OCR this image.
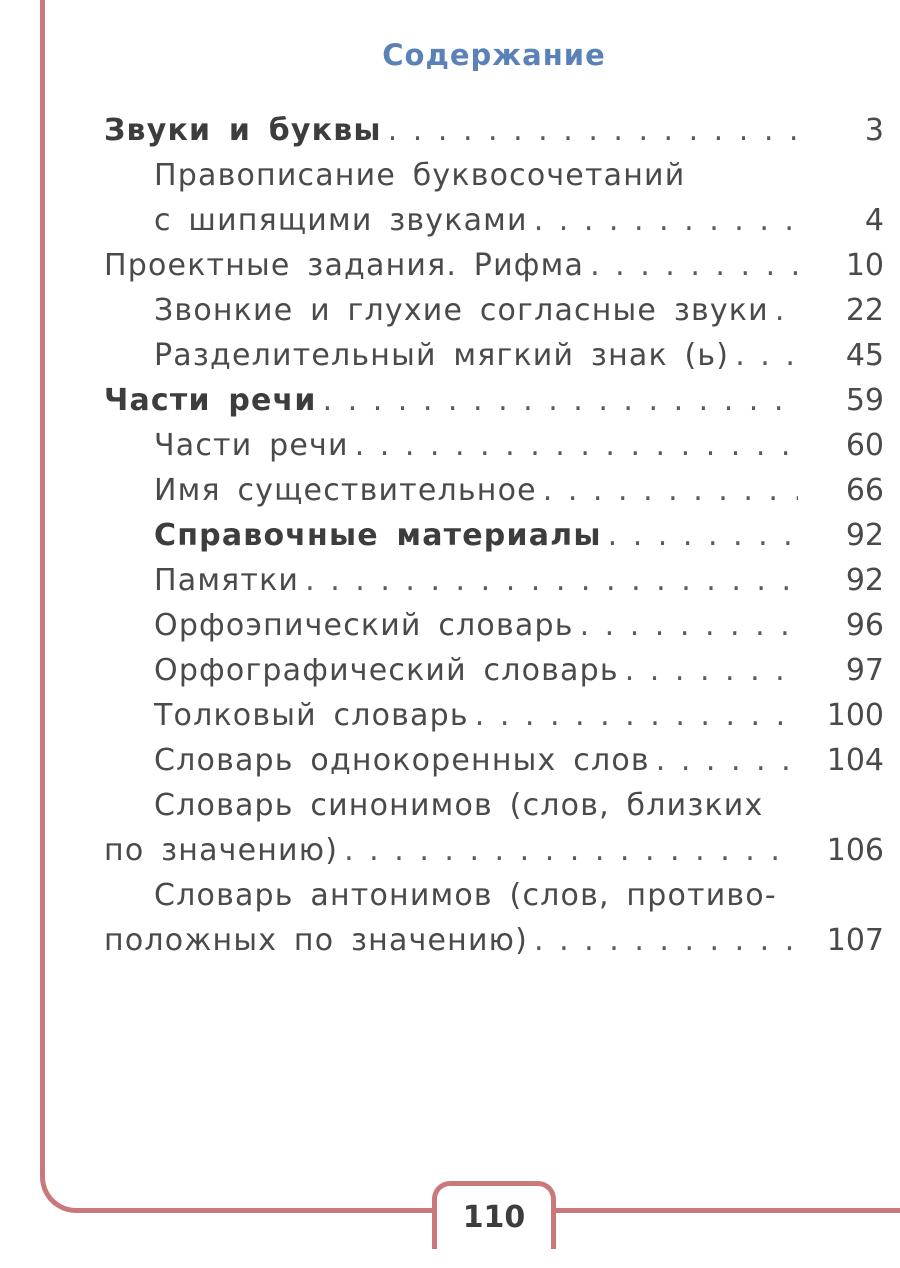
Содержание
Звуки и буквы . . .	3
Правописание буквосочетаний
с шипящими звуками . . .	4
Проектные задания. Рифма . . .	10
Звонкие и глухие согласные звуки . . .	22
Разделительный мягкий знак (ь) . . .	45
Части речи . . .	59
Части речи . . .	60
Имя существительное . . .	66
Справочные материалы . . .	92
Памятки . . .	92
Орфоэпический словарь . . .	96
Орфографический словарь . . .	97
Толковый словарь . . .	100
Словарь однокоренных слов . . .	104
Словарь синонимов (слов, близких
по значению) . . .	106
Словарь антонимов (слов, противо-
положных по значению) . . .	107
110
